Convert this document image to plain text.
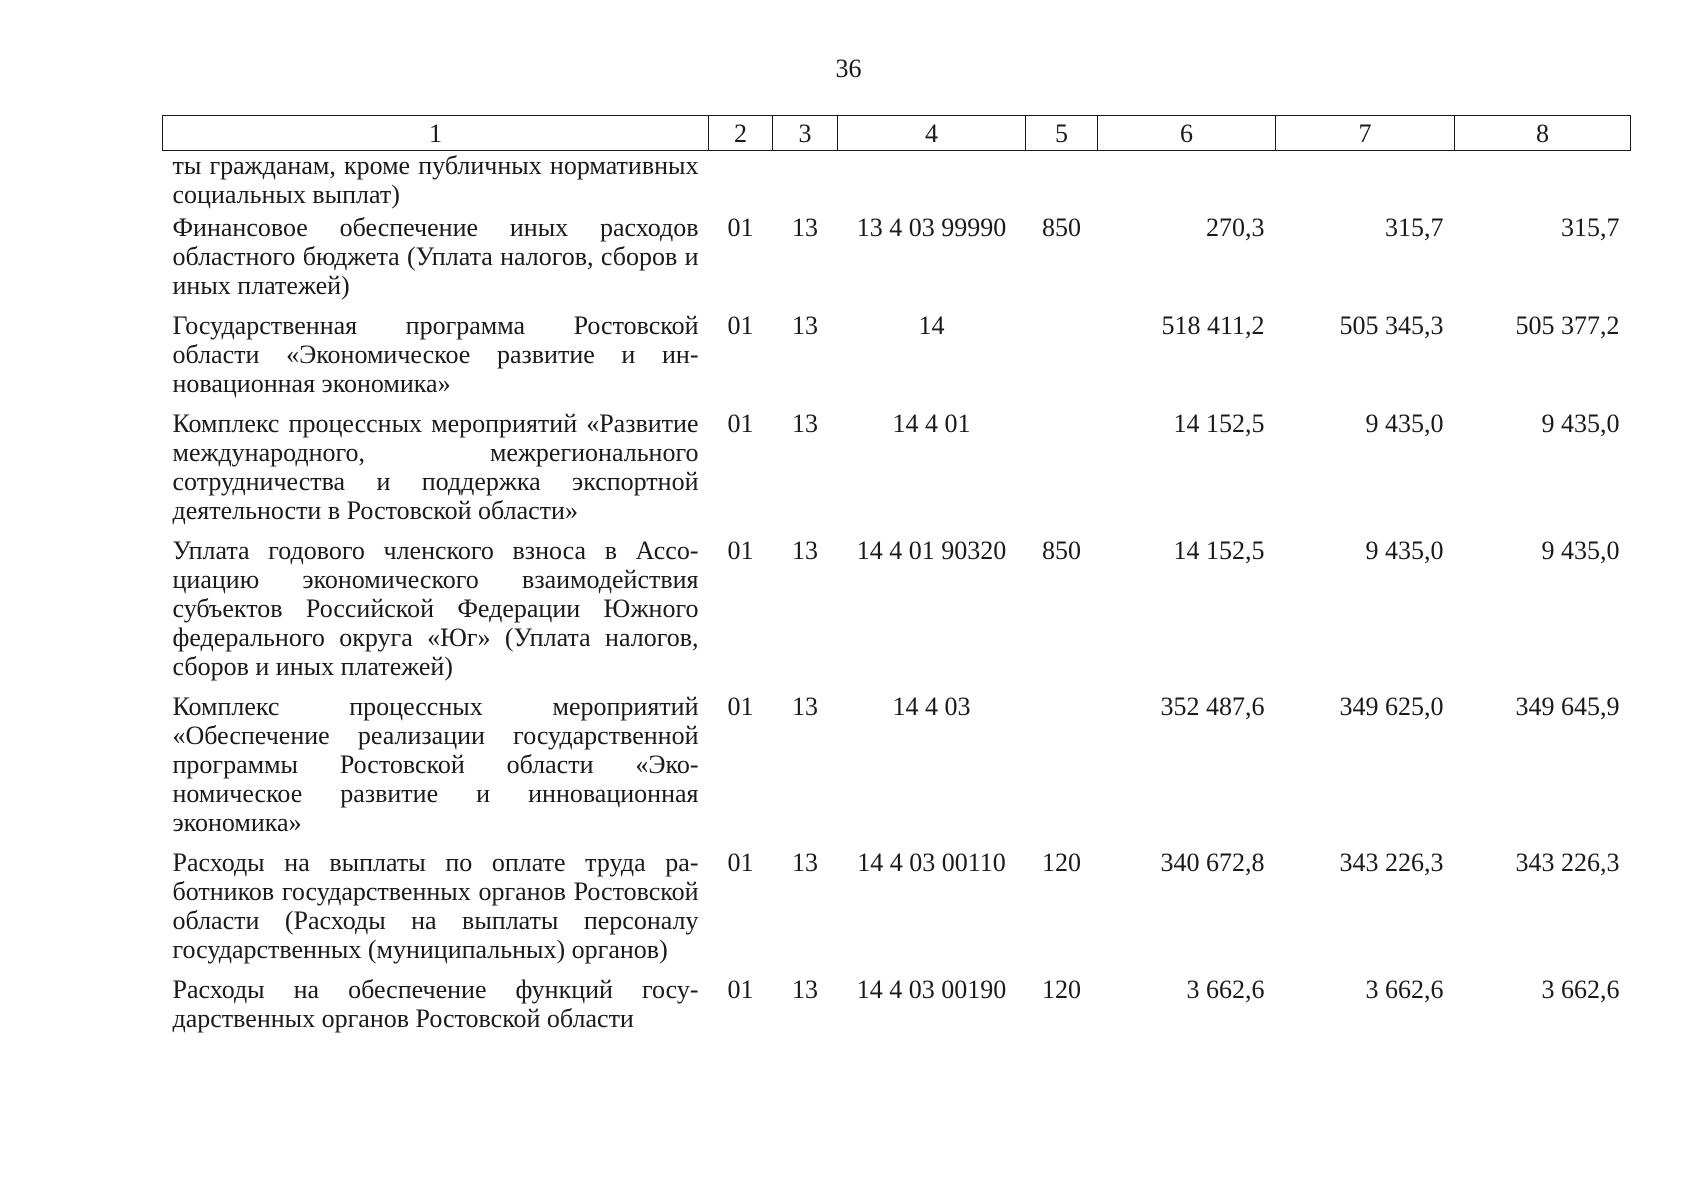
36
1	2	3	4	5	6	7	8
ты гражданам, кроме публичных нормативных социальных выплат)							
Финансовое обеспечение иных расходов областного бюджета (Уплата налогов, сборов и иных платежей)	01	13	13 4 03 99990	850	270,3	315,7	315,7
Государственная программа Ростовской области «Экономическое развитие и инновационная экономика»	01	13	14		518 411,2	505 345,3	505 377,2
Комплекс процессных мероприятий «Развитие международного, межрегионального сотрудничества и поддержка экспортной деятельности в Ростовской области»	01	13	14 4 01		14 152,5	9 435,0	9 435,0
Уплата годового членского взноса в Ассоциацию экономического взаимодействия субъектов Российской Федерации Южного федерального округа «Юг» (Уплата налогов, сборов и иных платежей)	01	13	14 4 01 90320	850	14 152,5	9 435,0	9 435,0
Комплекс процессных мероприятий «Обеспечение реализации государственной программы Ростовской области «Экономическое развитие и инновационная экономика»	01	13	14 4 03		352 487,6	349 625,0	349 645,9
Расходы на выплаты по оплате труда работников государственных органов Ростовской области (Расходы на выплаты персоналу государственных (муниципальных) органов)	01	13	14 4 03 00110	120	340 672,8	343 226,3	343 226,3
Расходы на обеспечение функций государственных органов Ростовской области	01	13	14 4 03 00190	120	3 662,6	3 662,6	3 662,6
